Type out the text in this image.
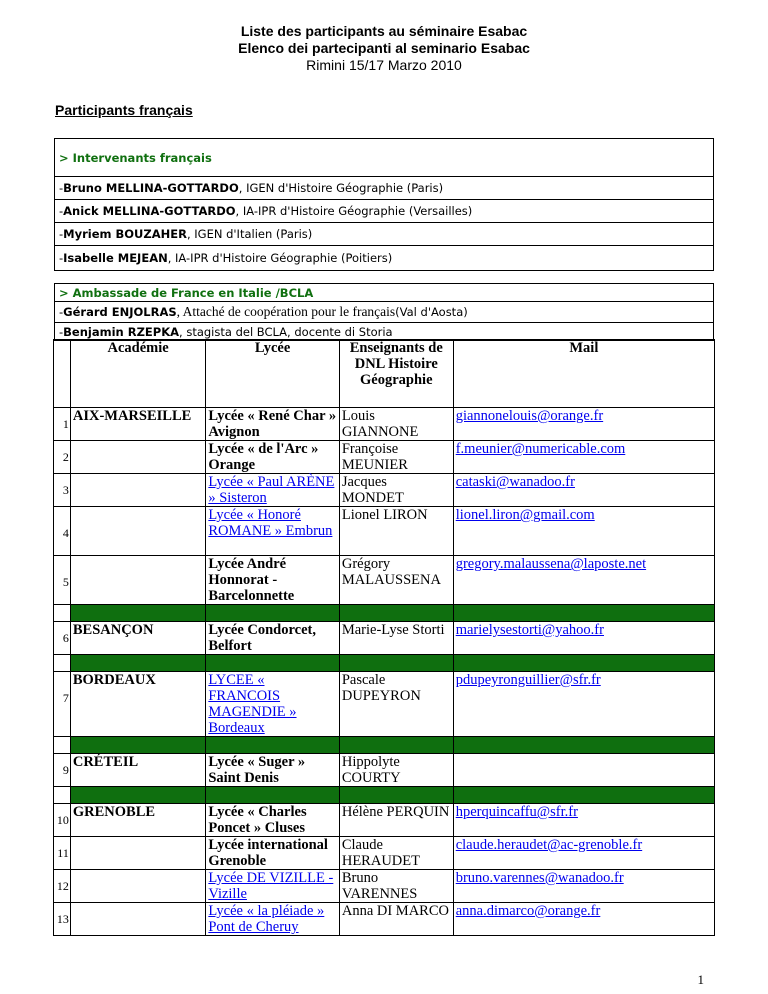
Liste des participants au séminaire Esabac
Elenco dei partecipanti al seminario Esabac
Rimini 15/17 Marzo 2010
Participants français
> Intervenants français
- Bruno MELLINA-GOTTARDO , IGEN d'Histoire Géographie (Paris)
- Anick MELLINA-GOTTARDO , IA-IPR d'Histoire Géographie (Versailles)
- Myriem BOUZAHER , IGEN d'Italien (Paris)
- Isabelle MEJEAN , IA-IPR d'Histoire Géographie (Poitiers)
> Ambassade de France en Italie /BCLA
- Gérard ENJOLRAS , Attaché de coopération pour le français (Val d'Aosta)
- Benjamin RZEPKA , stagista del BCLA, docente di Storia
	Académie	Lycée	Enseignants de DNL Histoire Géographie	Mail

1	AIX-MARSEILLE	Lycée « René Char » Avignon	Louis GIANNONE	giannonelouis@orange.fr

2		Lycée « de l'Arc » Orange	Françoise MEUNIER	f.meunier@numericable.com

3		Lycée « Paul ARÈNE » Sisteron	Jacques MONDET	cataski@wanadoo.fr

4		Lycée « Honoré ROMANE » Embrun	Lionel LIRON	lionel.liron@gmail.com

5		Lycée André Honnorat - Barcelonnette	Grégory MALAUSSENA	gregory.malaussena@laposte.net

6	BESANÇON	Lycée Condorcet, Belfort	Marie-Lyse Storti	marielysestorti@yahoo.fr

7	BORDEAUX	LYCEE « FRANCOIS MAGENDIE » Bordeaux	Pascale DUPEYRON	pdupeyronguillier@sfr.fr

9	CRÉTEIL	Lycée « Suger » Saint Denis	Hippolyte COURTY	

10	GRENOBLE	Lycée « Charles Poncet » Cluses	Hélène PERQUIN	hperquincaffu@sfr.fr

11		Lycée international Grenoble	Claude HERAUDET	claude.heraudet@ac-grenoble.fr

12		Lycée DE VIZILLE -Vizille	Bruno VARENNES	bruno.varennes@wanadoo.fr

13		Lycée « la pléiade » Pont de Cheruy	Anna DI MARCO	anna.dimarco@orange.fr
1
